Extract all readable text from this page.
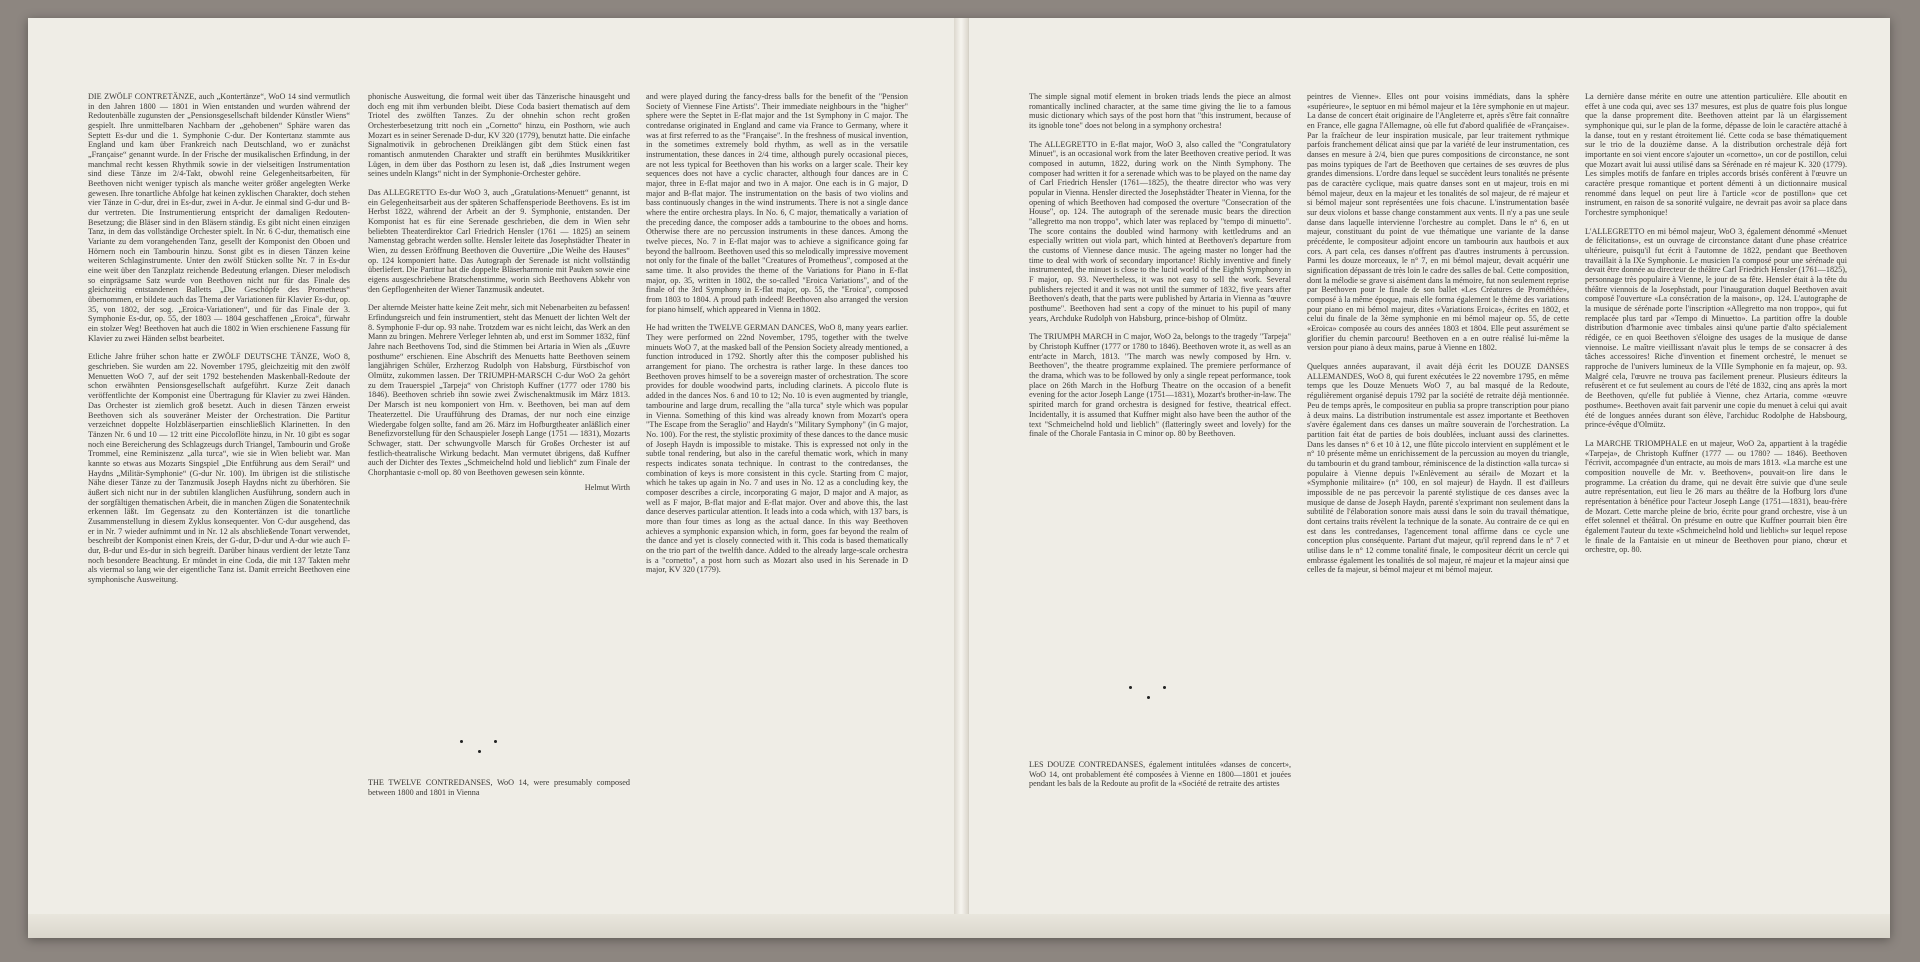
DIE ZWÖLF CONTRETÄNZE, auch „Kontertänze“, WoO 14 sind vermutlich in den Jahren 1800 — 1801 in Wien entstanden und wurden während der Redoutenbälle zugunsten der „Pensionsgesellschaft bildender Künstler Wiens“ gespielt. Ihre unmittelbaren Nachbarn der „gehobenen“ Sphäre waren das Septett Es-dur und die 1. Symphonie C-dur. Der Kontertanz stammte aus England und kam über Frankreich nach Deutschland, wo er zunächst „Française“ genannt wurde. In der Frische der musikalischen Erfindung, in der manchmal recht kessen Rhythmik sowie in der vielseitigen Instrumentation sind diese Tänze im 2/4-Takt, obwohl reine Gelegenheitsarbeiten, für Beethoven nicht weniger typisch als manche weiter größer angelegten Werke gewesen. Ihre tonartliche Abfolge hat keinen zyklischen Charakter, doch stehen vier Tänze in C-dur, drei in Es-dur, zwei in A-dur. Je einmal sind G-dur und B-dur vertreten. Die Instrumentierung entspricht der damaligen Redouten-Besetzung; die Bläser sind in den Bläsern ständig. Es gibt nicht einen einzigen Tanz, in dem das vollständige Orchester spielt. In Nr. 6 C-dur, thematisch eine Variante zu dem vorangehenden Tanz, gesellt der Komponist den Oboen und Hörnern noch ein Tambourin hinzu. Sonst gibt es in diesen Tänzen keine weiteren Schlaginstrumente. Unter den zwölf Stücken sollte Nr. 7 in Es-dur eine weit über den Tanzplatz reichende Bedeutung erlangen. Dieser melodisch so einprägsame Satz wurde von Beethoven nicht nur für das Finale des gleichzeitig entstandenen Balletts „Die Geschöpfe des Prometheus“ übernommen, er bildete auch das Thema der Variationen für Klavier Es-dur, op. 35, von 1802, der sog. „Eroica-Variationen“, und für das Finale der 3. Symphonie Es-dur, op. 55, der 1803 — 1804 geschaffenen „Eroica“, fürwahr ein stolzer Weg! Beethoven hat auch die 1802 in Wien erschienene Fassung für Klavier zu zwei Händen selbst bearbeitet.

Etliche Jahre früher schon hatte er ZWÖLF DEUTSCHE TÄNZE, WoO 8, geschrieben. Sie wurden am 22. November 1795, gleichzeitig mit den zwölf Menuetten WoO 7, auf der seit 1792 bestehenden Maskenball-Redoute der schon erwähnten Pensionsgesellschaft aufgeführt. Kurze Zeit danach veröffentlichte der Komponist eine Übertragung für Klavier zu zwei Händen. Das Orchester ist ziemlich groß besetzt. Auch in diesen Tänzen erweist Beethoven sich als souveräner Meister der Orchestration. Die Partitur verzeichnet doppelte Holzbläserpartien einschließlich Klarinetten. In den Tänzen Nr. 6 und 10 — 12 tritt eine Piccoloflöte hinzu, in Nr. 10 gibt es sogar noch eine Bereicherung des Schlagzeugs durch Triangel, Tambourin und Große Trommel, eine Reminiszenz „alla turca“, wie sie in Wien beliebt war. Man kannte so etwas aus Mozarts Singspiel „Die Entführung aus dem Serail“ und Haydns „Militär-Symphonie“ (G-dur Nr. 100). Im übrigen ist die stilistische Nähe dieser Tänze zu der Tanzmusik Joseph Haydns nicht zu überhören. Sie äußert sich nicht nur in der subtilen klanglichen Ausführung, sondern auch in der sorgfältigen thematischen Arbeit, die in manchen Zügen die Sonatentechnik erkennen läßt. Im Gegensatz zu den Kontertänzen ist die tonartliche Zusammenstellung in diesem Zyklus konsequenter. Von C-dur ausgehend, das er in Nr. 7 wieder aufnimmt und in Nr. 12 als abschließende Tonart verwendet, beschreibt der Komponist einen Kreis, der G-dur, D-dur und A-dur wie auch F-dur, B-dur und Es-dur in sich begreift. Darüber hinaus verdient der letzte Tanz noch besondere Beachtung. Er mündet in eine Coda, die mit 137 Takten mehr als viermal so lang wie der eigentliche Tanz ist. Damit erreicht Beethoven eine symphonische Ausweitung.

phonische Ausweitung, die formal weit über das Tänzerische hinausgeht und doch eng mit ihm verbunden bleibt. Diese Coda basiert thematisch auf dem Triotel des zwölften Tanzes. Zu der ohnehin schon recht großen Orchesterbesetzung tritt noch ein „Cornetto“ hinzu, ein Posthorn, wie auch Mozart es in seiner Serenade D-dur, KV 320 (1779), benutzt hatte. Die einfache Signalmotivik in gebrochenen Dreiklängen gibt dem Stück einen fast romantisch anmutenden Charakter und strafft ein berühmtes Musikkritiker Lügen, in dem über das Posthorn zu lesen ist, daß „dies Instrument wegen seines undeln Klangs“ nicht in der Symphonie-Orchester gehöre.

Das ALLEGRETTO Es-dur WoO 3, auch „Gratulations-Menuett“ genannt, ist ein Gelegenheitsarbeit aus der späteren Schaffensperiode Beethovens. Es ist im Herbst 1822, während der Arbeit an der 9. Symphonie, entstanden. Der Komponist hat es für eine Serenade geschrieben, die dem in Wien sehr beliebten Theaterdirektor Carl Friedrich Hensler (1761 — 1825) an seinem Namenstag gebracht werden sollte. Hensler leitete das Josephstädter Theater in Wien, zu dessen Eröffnung Beethoven die Ouvertüre „Die Weihe des Hauses“ op. 124 komponiert hatte. Das Autograph der Serenade ist nicht vollständig überliefert. Die Partitur hat die doppelte Bläserharmonie mit Pauken sowie eine eigens ausgeschriebene Bratschenstimme, worin sich Beethovens Abkehr von den Gepflogenheiten der Wiener Tanzmusik andeutet.

Der alternde Meister hatte keine Zeit mehr, sich mit Nebenarbeiten zu befassen! Erfindungsreich und fein instrumentiert, steht das Menuett der lichten Welt der 8. Symphonie F-dur op. 93 nahe. Trotzdem war es nicht leicht, das Werk an den Mann zu bringen. Mehrere Verleger lehnten ab, und erst im Sommer 1832, fünf Jahre nach Beethovens Tod, sind die Stimmen bei Artaria in Wien als „Œuvre posthume“ erschienen. Eine Abschrift des Menuetts hatte Beethoven seinem langjährigen Schüler, Erzherzog Rudolph von Habsburg, Fürstbischof von Olmütz, zukommen lassen. Der TRIUMPH-MARSCH C-dur WoO 2a gehört zu dem Trauerspiel „Tarpeja“ von Christoph Kuffner (1777 oder 1780 bis 1846). Beethoven schrieb ihn sowie zwei Zwischenaktmusik im März 1813. Der Marsch ist neu komponiert von Hrn. v. Beethoven, bei man auf dem Theaterzettel. Die Uraufführung des Dramas, der nur noch eine einzige Wiedergabe folgen sollte, fand am 26. März im Hofburgtheater anläßlich einer Benefizvorstellung für den Schauspieler Joseph Lange (1751 — 1831), Mozarts Schwager, statt. Der schwungvolle Marsch für Großes Orchester ist auf festlich-theatralische Wirkung bedacht. Man vermutet übrigens, daß Kuffner auch der Dichter des Textes „Schmeichelnd hold und lieblich“ zum Finale der Chorphantasie c-moll op. 80 von Beethoven gewesen sein könnte.

Helmut Wirth

THE TWELVE CONTREDANSES, WoO 14, were presumably composed between 1800 and 1801 in Vienna

and were played during the fancy-dress balls for the benefit of the "Pension Society of Viennese Fine Artists". Their immediate neighbours in the "higher" sphere were the Septet in E-flat major and the 1st Symphony in C major. The contredanse originated in England and came via France to Germany, where it was at first referred to as the "Française". In the freshness of musical invention, in the sometimes extremely bold rhythm, as well as in the versatile instrumentation, these dances in 2/4 time, although purely occasional pieces, are not less typical for Beethoven than his works on a larger scale. Their key sequences does not have a cyclic character, although four dances are in C major, three in E-flat major and two in A major. One each is in G major, D major and B-flat major. The instrumentation on the basis of two violins and bass continuously changes in the wind instruments. There is not a single dance where the entire orchestra plays. In No. 6, C major, thematically a variation of the preceding dance, the composer adds a tambourine to the oboes and horns. Otherwise there are no percussion instruments in these dances. Among the twelve pieces, No. 7 in E-flat major was to achieve a significance going far beyond the ballroom. Beethoven used this so melodically impressive movement not only for the finale of the ballet "Creatures of Prometheus", composed at the same time. It also provides the theme of the Variations for Piano in E-flat major, op. 35, written in 1802, the so-called "Eroica Variations", and of the finale of the 3rd Symphony in E-flat major, op. 55, the "Eroica", composed from 1803 to 1804. A proud path indeed! Beethoven also arranged the version for piano himself, which appeared in Vienna in 1802.

He had written the TWELVE GERMAN DANCES, WoO 8, many years earlier. They were performed on 22nd November, 1795, together with the twelve minuets WoO 7, at the masked ball of the Pension Society already mentioned, a function introduced in 1792. Shortly after this the composer published his arrangement for piano. The orchestra is rather large. In these dances too Beethoven proves himself to be a sovereign master of orchestration. The score provides for double woodwind parts, including clarinets. A piccolo flute is added in the dances Nos. 6 and 10 to 12; No. 10 is even augmented by triangle, tambourine and large drum, recalling the "alla turca" style which was popular in Vienna. Something of this kind was already known from Mozart's opera "The Escape from the Seraglio" and Haydn's "Military Symphony" (in G major, No. 100). For the rest, the stylistic proximity of these dances to the dance music of Joseph Haydn is impossible to mistake. This is expressed not only in the subtle tonal rendering, but also in the careful thematic work, which in many respects indicates sonata technique. In contrast to the contredanses, the combination of keys is more consistent in this cycle. Starting from C major, which he takes up again in No. 7 and uses in No. 12 as a concluding key, the composer describes a circle, incorporating G major, D major and A major, as well as F major, B-flat major and E-flat major. Over and above this, the last dance deserves particular attention. It leads into a coda which, with 137 bars, is more than four times as long as the actual dance. In this way Beethoven achieves a symphonic expansion which, in form, goes far beyond the realm of the dance and yet is closely connected with it. This coda is based thematically on the trio part of the twelfth dance. Added to the already large-scale orchestra is a "cornetto", a post horn such as Mozart also used in his Serenade in D major, KV 320 (1779).

The simple signal motif element in broken triads lends the piece an almost romantically inclined character, at the same time giving the lie to a famous music dictionary which says of the post horn that "this instrument, because of its ignoble tone" does not belong in a symphony orchestra!

The ALLEGRETTO in E-flat major, WoO 3, also called the "Congratulatory Minuet", is an occasional work from the later Beethoven creative period. It was composed in autumn, 1822, during work on the Ninth Symphony. The composer had written it for a serenade which was to be played on the name day of Carl Friedrich Hensler (1761—1825), the theatre director who was very popular in Vienna. Hensler directed the Josephstädter Theater in Vienna, for the opening of which Beethoven had composed the overture "Consecration of the House", op. 124. The autograph of the serenade music bears the direction "allegretto ma non troppo", which later was replaced by "tempo di minuetto". The score contains the doubled wind harmony with kettledrums and an especially written out viola part, which hinted at Beethoven's departure from the customs of Viennese dance music. The ageing master no longer had the time to deal with work of secondary importance! Richly inventive and finely instrumented, the minuet is close to the lucid world of the Eighth Symphony in F major, op. 93. Nevertheless, it was not easy to sell the work. Several publishers rejected it and it was not until the summer of 1832, five years after Beethoven's death, that the parts were published by Artaria in Vienna as "œuvre posthume". Beethoven had sent a copy of the minuet to his pupil of many years, Archduke Rudolph von Habsburg, prince-bishop of Olmütz.

The TRIUMPH MARCH in C major, WoO 2a, belongs to the tragedy "Tarpeja" by Christoph Kuffner (1777 or 1780 to 1846). Beethoven wrote it, as well as an entr'acte in March, 1813. "The march was newly composed by Hrn. v. Beethoven", the theatre programme explained. The premiere performance of the drama, which was to be followed by only a single repeat performance, took place on 26th March in the Hofburg Theatre on the occasion of a benefit evening for the actor Joseph Lange (1751—1831), Mozart's brother-in-law. The spirited march for grand orchestra is designed for festive, theatrical effect. Incidentally, it is assumed that Kuffner might also have been the author of the text "Schmeichelnd hold und lieblich" (flatteringly sweet and lovely) for the finale of the Chorale Fantasia in C minor op. 80 by Beethoven.

LES DOUZE CONTREDANSES, également intitulées «danses de concert», WoO 14, ont probablement été composées à Vienne en 1800—1801 et jouées pendant les bals de la Redoute au profit de la «Société de retraite des artistes

peintres de Vienne». Elles ont pour voisins immédiats, dans la sphère «supérieure», le septuor en mi bémol majeur et la 1ère symphonie en ut majeur. La danse de concert était originaire de l'Angleterre et, après s'être fait connaître en France, elle gagna l'Allemagne, où elle fut d'abord qualifiée de «Française». Par la fraîcheur de leur inspiration musicale, par leur traitement rythmique parfois franchement délicat ainsi que par la variété de leur instrumentation, ces danses en mesure à 2/4, bien que pures compositions de circonstance, ne sont pas moins typiques de l'art de Beethoven que certaines de ses œuvres de plus grandes dimensions. L'ordre dans lequel se succèdent leurs tonalités ne présente pas de caractère cyclique, mais quatre danses sont en ut majeur, trois en mi bémol majeur, deux en la majeur et les tonalités de sol majeur, de ré majeur et si bémol majeur sont représentées une fois chacune. L'instrumentation basée sur deux violons et basse change constamment aux vents. Il n'y a pas une seule danse dans laquelle intervienne l'orchestre au complet. Dans le n° 6, en ut majeur, constituant du point de vue thématique une variante de la danse précédente, le compositeur adjoint encore un tambourin aux hautbois et aux cors. A part cela, ces danses n'offrent pas d'autres instruments à percussion. Parmi les douze morceaux, le n° 7, en mi bémol majeur, devait acquérir une signification dépassant de très loin le cadre des salles de bal. Cette composition, dont la mélodie se grave si aisément dans la mémoire, fut non seulement reprise par Beethoven pour le finale de son ballet «Les Créatures de Prométhée», composé à la même époque, mais elle forma également le thème des variations pour piano en mi bémol majeur, dites «Variations Eroica», écrites en 1802, et celui du finale de la 3ème symphonie en mi bémol majeur op. 55, de cette «Eroica» composée au cours des années 1803 et 1804. Elle peut assurément se glorifier du chemin parcouru! Beethoven en a en outre réalisé lui-même la version pour piano à deux mains, parue à Vienne en 1802.

Quelques années auparavant, il avait déjà écrit les DOUZE DANSES ALLEMANDES, WoO 8, qui furent exécutées le 22 novembre 1795, en même temps que les Douze Menuets WoO 7, au bal masqué de la Redoute, régulièrement organisé depuis 1792 par la société de retraite déjà mentionnée. Peu de temps après, le compositeur en publia sa propre transcription pour piano à deux mains. La distribution instrumentale est assez importante et Beethoven s'avère également dans ces danses un maître souverain de l'orchestration. La partition fait état de parties de bois doublées, incluant aussi des clarinettes. Dans les danses n° 6 et 10 à 12, une flûte piccolo intervient en supplément et le n° 10 présente même un enrichissement de la percussion au moyen du triangle, du tambourin et du grand tambour, réminiscence de la distinction «alla turca» si populaire à Vienne depuis l'«Enlèvement au sérail» de Mozart et la «Symphonie militaire» (n° 100, en sol majeur) de Haydn. Il est d'ailleurs impossible de ne pas percevoir la parenté stylistique de ces danses avec la musique de danse de Joseph Haydn, parenté s'exprimant non seulement dans la subtilité de l'élaboration sonore mais aussi dans le soin du travail thématique, dont certains traits révèlent la technique de la sonate. Au contraire de ce qui en est dans les contredanses, l'agencement tonal affirme dans ce cycle une conception plus conséquente. Partant d'ut majeur, qu'il reprend dans le n° 7 et utilise dans le n° 12 comme tonalité finale, le compositeur décrit un cercle qui embrasse également les tonalités de sol majeur, ré majeur et la majeur ainsi que celles de fa majeur, si bémol majeur et mi bémol majeur.

La dernière danse mérite en outre une attention particulière. Elle aboutit en effet à une coda qui, avec ses 137 mesures, est plus de quatre fois plus longue que la danse proprement dite. Beethoven atteint par là un élargissement symphonique qui, sur le plan de la forme, dépasse de loin le caractère attaché à la danse, tout en y restant étroitement lié. Cette coda se base thématiquement sur le trio de la douzième danse. A la distribution orchestrale déjà fort importante en soi vient encore s'ajouter un «cornetto», un cor de postillon, celui que Mozart avait lui aussi utilisé dans sa Sérénade en ré majeur K. 320 (1779). Les simples motifs de fanfare en triples accords brisés confèrent à l'œuvre un caractère presque romantique et portent démenti à un dictionnaire musical renommé dans lequel on peut lire à l'article «cor de postillon» que cet instrument, en raison de sa sonorité vulgaire, ne devrait pas avoir sa place dans l'orchestre symphonique!

L'ALLEGRETTO en mi bémol majeur, WoO 3, également dénommé «Menuet de félicitations», est un ouvrage de circonstance datant d'une phase créatrice ultérieure, puisqu'il fut écrit à l'automne de 1822, pendant que Beethoven travaillait à la IXe Symphonie. Le musicien l'a composé pour une sérénade qui devait être donnée au directeur de théâtre Carl Friedrich Hensler (1761—1825), personnage très populaire à Vienne, le jour de sa fête. Hensler était à la tête du théâtre viennois de la Josephstadt, pour l'inauguration duquel Beethoven avait composé l'ouverture «La consécration de la maison», op. 124. L'autographe de la musique de sérénade porte l'inscription «Allegretto ma non troppo», qui fut remplacée plus tard par «Tempo di Minuetto». La partition offre la double distribution d'harmonie avec timbales ainsi qu'une partie d'alto spécialement rédigée, ce en quoi Beethoven s'éloigne des usages de la musique de danse viennoise. Le maître vieillissant n'avait plus le temps de se consacrer à des tâches accessoires! Riche d'invention et finement orchestré, le menuet se rapproche de l'univers lumineux de la VIIIe Symphonie en fa majeur, op. 93. Malgré cela, l'œuvre ne trouva pas facilement preneur. Plusieurs éditeurs la refusèrent et ce fut seulement au cours de l'été de 1832, cinq ans après la mort de Beethoven, qu'elle fut publiée à Vienne, chez Artaria, comme «œuvre posthume». Beethoven avait fait parvenir une copie du menuet à celui qui avait été de longues années durant son élève, l'archiduc Rodolphe de Habsbourg, prince-évêque d'Olmütz.

La MARCHE TRIOMPHALE en ut majeur, WoO 2a, appartient à la tragédie «Tarpeja», de Christoph Kuffner (1777 — ou 1780? — 1846). Beethoven l'écrivit, accompagnée d'un entracte, au mois de mars 1813. «La marche est une composition nouvelle de Mr. v. Beethoven», pouvait-on lire dans le programme. La création du drame, qui ne devait être suivie que d'une seule autre représentation, eut lieu le 26 mars au théâtre de la Hofburg lors d'une représentation à bénéfice pour l'acteur Joseph Lange (1751—1831), beau-frère de Mozart. Cette marche pleine de brio, écrite pour grand orchestre, vise à un effet solennel et théâtral. On présume en outre que Kuffner pourrait bien être également l'auteur du texte «Schmeichelnd hold und lieblich» sur lequel repose le finale de la Fantaisie en ut mineur de Beethoven pour piano, chœur et orchestre, op. 80.
